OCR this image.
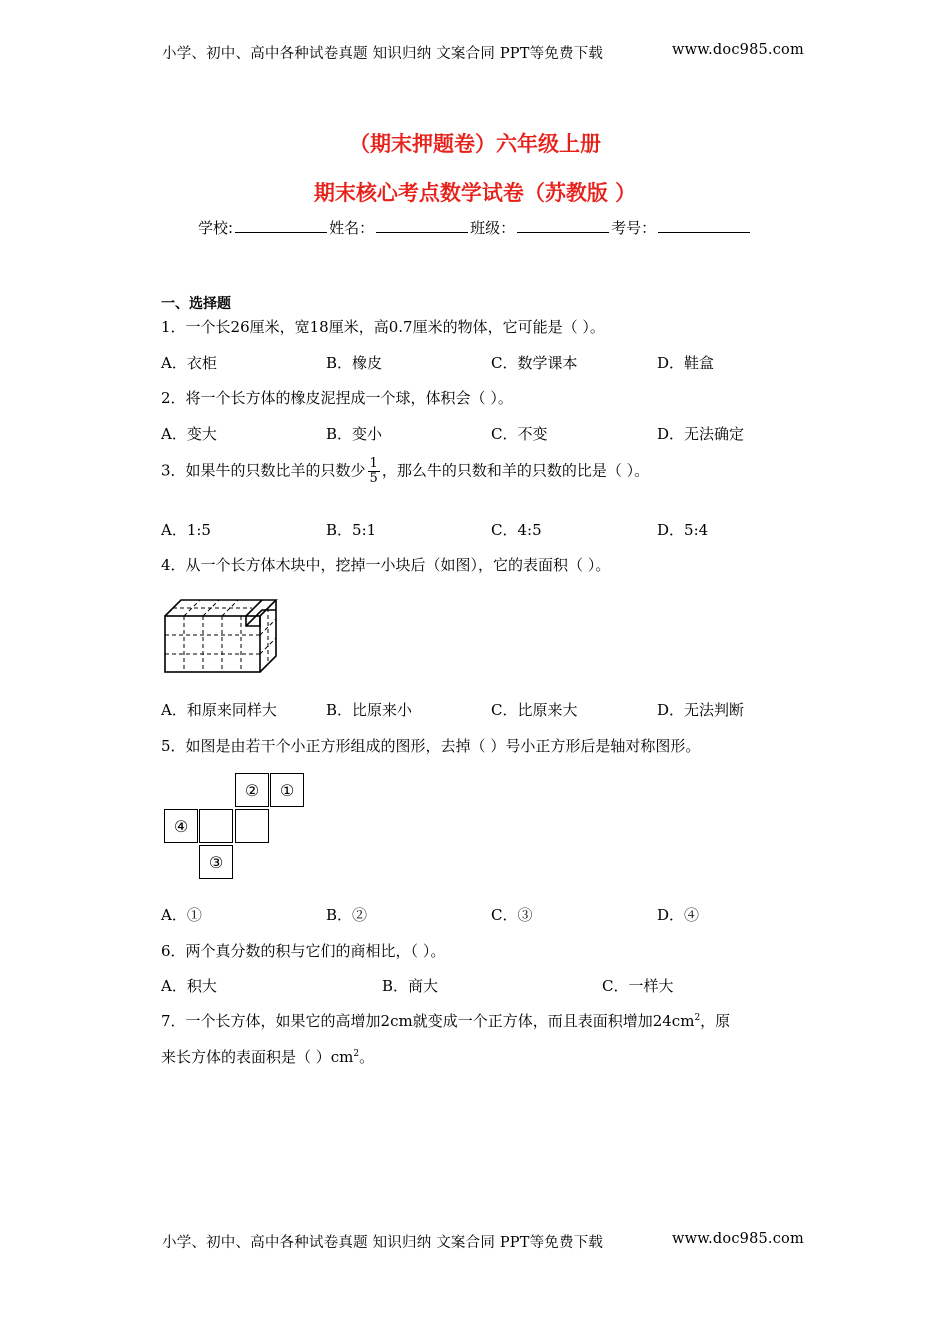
小学、初中、高中各种试卷真题 知识归纳 文案合同 PPT等免费下载	www.doc985.com
（期末押题卷）六年级上册
期末核心考点数学试卷（苏教版 ）
学校:	姓名：	班级：	考号：
一、选择题
1．一个长26厘米，宽18厘米，高0.7厘米的物体，它可能是（ ）。
A．衣柜	B．橡皮	C．数学课本	D．鞋盒
2．将一个长方体的橡皮泥捏成一个球，体积会（ ）。
A．变大	B．变小	C．不变	D．无法确定
3．如果牛的只数比羊的只数少 $\frac{1}{5}$ ，那么牛的只数和羊的只数的比是（ ）。
A．1:5	B．5:1	C．4:5	D．5:4
4．从一个长方体木块中，挖掉一小块后（如图），它的表面积（ ）。
A．和原来同样大	B．比原来小	C．比原来大	D．无法判断
5．如图是由若干个小正方形组成的图形，去掉（ ）号小正方形后是轴对称图形。
②	①
④
③
A．①	B．②	C．③	D．④
6．两个真分数的积与它们的商相比，（ ）。
A．积大	B．商大	C．一样大
7．一个长方体，如果它的高增加2cm就变成一个正方体，而且表面积增加$24cm^2$，原
来长方体的表面积是（ ）$cm^2$。
小学、初中、高中各种试卷真题 知识归纳 文案合同 PPT等免费下载	www.doc985.com
